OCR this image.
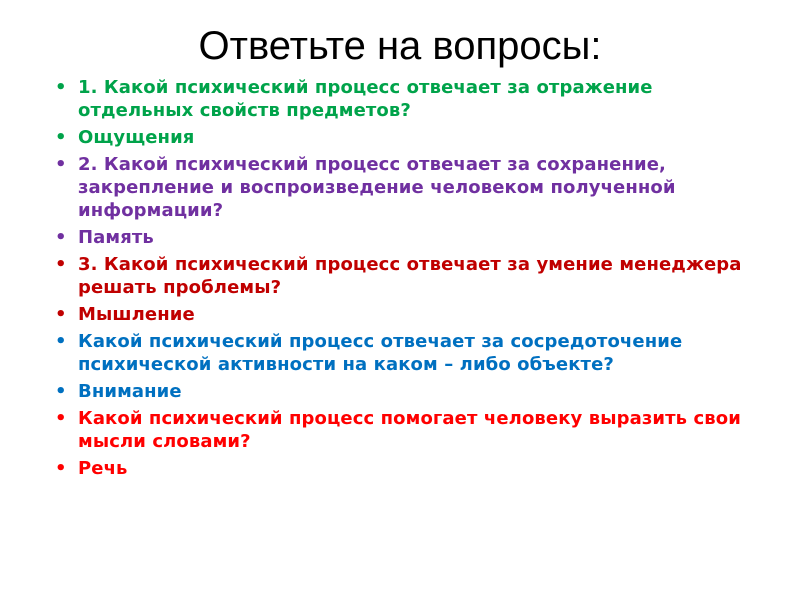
Ответьте на вопросы:
• 1. Какой психический процесс отвечает за отражение отдельных свойств предметов?
• Ощущения
• 2. Какой психический процесс отвечает за сохранение, закрепление и воспроизведение человеком полученной информации?
• Память
• 3. Какой психический процесс отвечает за умение менеджера решать проблемы?
• Мышление
• Какой психический процесс отвечает за сосредоточение психической активности на каком – либо объекте?
• Внимание
• Какой психический процесс помогает человеку выразить свои мысли словами?
• Речь
